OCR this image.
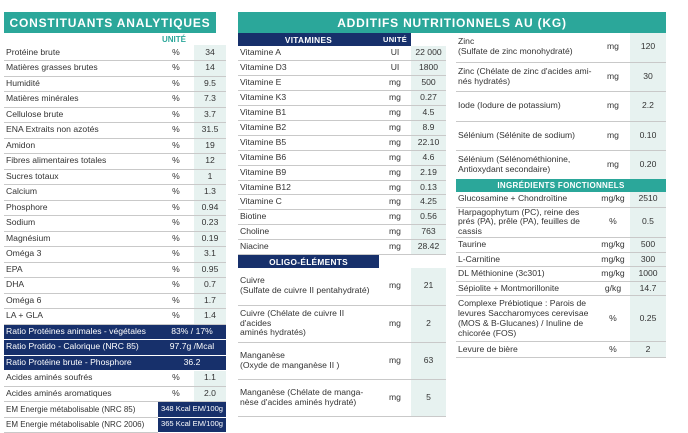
CONSTITUANTS ANALYTIQUES	ADDITIFS NUTRITIONNELS AU (KG)
UNITÉ
Protéine brute	%	34
Matières grasses brutes	%	14
Humidité	%	9.5
Matières minérales	%	7.3
Cellulose brute	%	3.7
ENA Extraits non azotés	%	31.5
Amidon	%	19
Fibres alimentaires totales	%	12
Sucres totaux	%	1
Calcium	%	1.3
Phosphore	%	0.94
Sodium	%	0.23
Magnésium	%	0.19
Oméga 3	%	3.1
EPA	%	0.95
DHA	%	0.7
Oméga 6	%	1.7
LA + GLA	%	1.4
Ratio Protéines animales - végétales	83% / 17%	
Ratio Protido - Calorique (NRC 85)	97.7g /Mcal	
Ratio Protéine brute - Phosphore	36.2	
Acides aminés soufrés	%	1.1
Acides aminés aromatiques	%	2.0
EM Energie métabolisable (NRC 85)	348 Kcal EM/100g	
EM Energie métabolisable (NRC 2006)	365 Kcal EM/100g	
VITAMINES	UNITÉ
Vitamine A	UI	22 000
Vitamine D3	UI	1800
Vitamine E	mg	500
Vitamine K3	mg	0.27
Vitamine B1	mg	4.5
Vitamine B2	mg	8.9
Vitamine B5	mg	22.10
Vitamine B6	mg	4.6
Vitamine B9	mg	2.19
Vitamine B12	mg	0.13
Vitamine C	mg	4.25
Biotine	mg	0.56
Choline	mg	763
Niacine	mg	28.42
OLIGO-ÉLÉMENTS
Cuivre
(Sulfate de cuivre II pentahydraté)	mg	21

Cuivre (Chélate de cuivre II d'acides
aminés hydratés)	mg	2

Manganèse
(Oxyde de manganèse II )	mg	63

Manganèse (Chélate de manga-
nèse d'acides aminés hydraté)	mg	5
Zinc
(Sulfate de zinc monohydraté)	mg	120

Zinc (Chélate de zinc d'acides ami-
nés hydratés)	mg	30

Iode (Iodure de potassium)	mg	2.2

Sélénium (Sélénite de sodium)	mg	0.10

Sélénium (Sélénométhionine,
Antioxydant secondaire)	mg	0.20
INGRÉDIENTS FONCTIONNELS
Glucosamine + Chondroïtine	mg/kg	2510
Harpagophytum (PC), reine des prés (PA), prêle (PA), feuilles de cassis	%	0.5
Taurine	mg/kg	500
L-Carnitine	mg/kg	300
DL Méthionine (3c301)	mg/kg	1000
Sépiolite + Montmorillonite	g/kg	14.7
Complexe Prébiotique : Parois de levures Saccharomyces cerevisae (MOS & B-Glucanes) / Inuline de chicorée (FOS)	%	0.25
Levure de bière	%	2
